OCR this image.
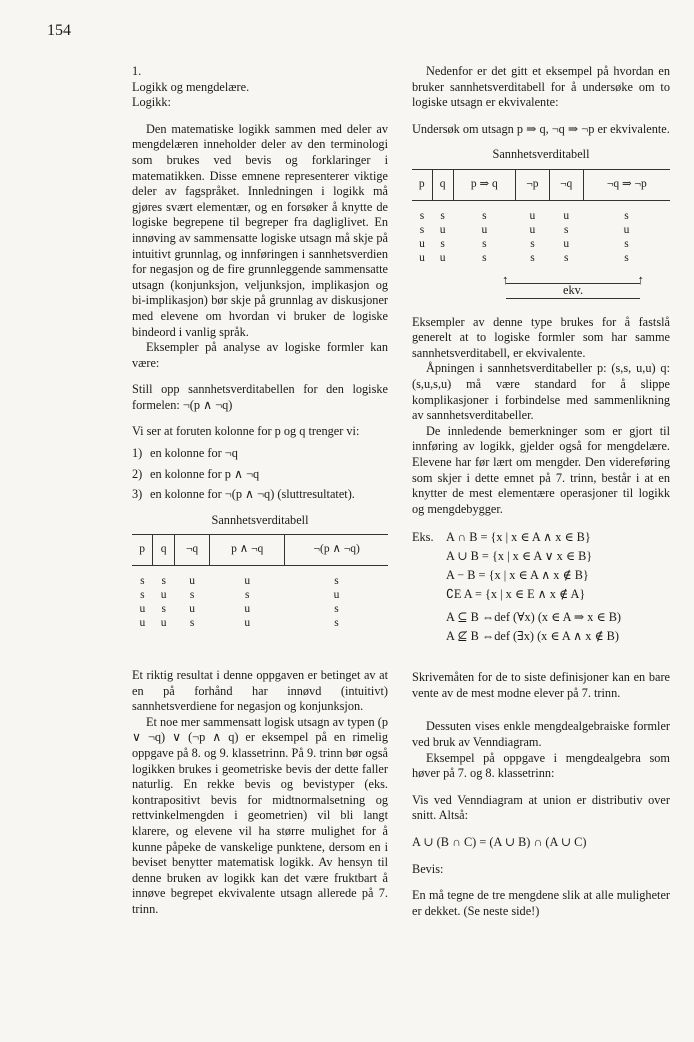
154

1.

Logikk og mengdelære.

Logikk:

Den matematiske logikk sammen med deler av mengdelæren inneholder deler av den terminologi som brukes ved bevis og forklaringer i matematikken. Disse emnene representerer viktige deler av fagspråket. Innledningen i logikk må gjøres svært elementær, og en forsøker å knytte de logiske begrepene til begreper fra dagliglivet. En innøving av sammensatte logiske utsagn må skje på intuitivt grunnlag, og innføringen i sannhetsverdien for negasjon og de fire grunnleggende sammensatte utsagn (konjunksjon, veljunksjon, implikasjon og bi-implikasjon) bør skje på grunnlag av diskusjoner med elevene om hvordan vi bruker de logiske bindeord i vanlig språk.

Eksempler på analyse av logiske formler kan være:

Still opp sannhetsverditabellen for den logiske formelen: ¬(p ∧ ¬q)

Vi ser at foruten kolonne for p og q trenger vi:

1) en kolonne for ¬q
2) en kolonne for p ∧ ¬q
3) en kolonne for ¬(p ∧ ¬q) (sluttresultatet).
Sannhetsverditabell
p	q	¬q	p ∧ ¬q	¬(p ∧ ¬q)
s	s	u	u	s
s	u	s	s	u
u	s	u	u	s
u	u	s	u	s

Et riktig resultat i denne oppgaven er betinget av at en på forhånd har innøvd (intuitivt) sannhetsverdiene for negasjon og konjunksjon.

Et noe mer sammensatt logisk utsagn av typen (p ∨ ¬q) ∨ (¬p ∧ q) er eksempel på en rimelig oppgave på 8. og 9. klassetrinn. På 9. trinn bør også logikken brukes i geometriske bevis der dette faller naturlig. En rekke bevis og bevistyper (eks. kontrapositivt bevis for midtnormalsetning og rettvinkelmengden i geometrien) vil bli langt klarere, og elevene vil ha større mulighet for å kunne påpeke de vanskelige punktene, dersom en i beviset benytter matematisk logikk. Av hensyn til denne bruken av logikk kan det være fruktbart å innøve begrepet ekvivalente utsagn allerede på 7. trinn.

Nedenfor er det gitt et eksempel på hvordan en bruker sannhetsverditabell for å undersøke om to logiske utsagn er ekvivalente:

Undersøk om utsagn p ⇒ q, ¬q ⇒ ¬p er ekvivalente.

Sannhetsverditabell
p	q	p ⇒ q	¬p	¬q	¬q ⇒ ¬p
s	s	s	u	u	s
s	u	u	u	s	u
u	s	s	s	u	s
u	u	s	s	s	s
↑
ekv.
↑

Eksempler av denne type brukes for å fastslå generelt at to logiske formler som har samme sannhetsverditabell, er ekvivalente.

Åpningen i sannhetsverditabeller p: (s,s, u,u) q: (s,u,s,u) må være standard for å slippe komplikasjoner i forbindelse med sammenlikning av sannhetsverditabeller.

De innledende bemerkninger som er gjort til innføring av logikk, gjelder også for mengdelære. Elevene har før lært om mengder. Den videreføring som skjer i dette emnet på 7. trinn, består i at en knytter de mest elementære operasjoner til logikk og mengdebygger.

Eks.	A ∩ B = {x | x ∈ A ∧ x ∈ B}
A ∪ B = {x | x ∈ A ∨ x ∈ B}
A − B = {x | x ∈ A ∧ x ∉ B}
∁E A = {x | x ∈ E ∧ x ∉ A}
A ⊆ B ⇔def (∀x) (x ∈ A ⇒ x ∈ B)
A ⊈ B ⇔def (∃x) (x ∈ A ∧ x ∉ B)

Skrivemåten for de to siste definisjoner kan en bare vente av de mest modne elever på 7. trinn.

Dessuten vises enkle mengdealgebraiske formler ved bruk av Venndiagram.

Eksempel på oppgave i mengdealgebra som høver på 7. og 8. klassetrinn:

Vis ved Venndiagram at union er distributiv over snitt. Altså:

A ∪ (B ∩ C) = (A ∪ B) ∩ (A ∪ C)

Bevis:

En må tegne de tre mengdene slik at alle muligheter er dekket. (Se neste side!)
